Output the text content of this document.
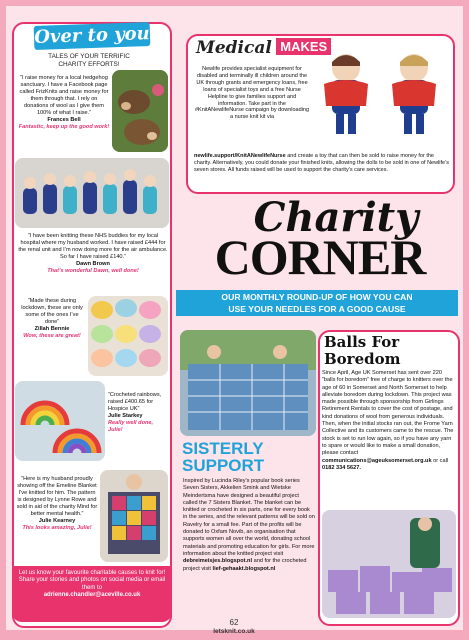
Over to you
TALES OF YOUR TERRIFIC CHARITY EFFORTS!
“I raise money for a local hedgehog sanctuary. I have a Facebook page called FrizKnits and raise money for them through that. I rely on donations of wool as I give them 100% of what I raise.”
Frances Bell
Fantastic, keep up the good work!
“I have been knitting these NHS buddies for my local hospital where my husband worked. I have raised £444 for the renal unit and I’m now doing more for the air ambulance. So far I have raised £140.”
Dawn Brown
That’s wonderful Dawn, well done!
“Made these during lockdown, these are only some of the ones I’ve done”
Zillah Bennie
Wow, these are great!
“Crocheted rainbows, raised £400.65 for Hospice UK”
Julie Starkey
Really well done, Julie!
“Here is my husband proudly showing off the Emeline Blanket I’ve knitted for him. The pattern is designed by Lynne Rowe and sold in aid of the charity Mind for better mental health.”
Julie Kearney
This looks amazing, Julie!
Let us know your favourite charitable causes to knit for! Share your stories and photos on social media or email them to
adrienne.chandler@aceville.co.uk
Medical MAKES
Newlife provides specialist equipment for disabled and terminally ill children around the UK through grants and emergency loans, free loans of specialist toys and a free Nurse Helpline to give families support and information. Take part in the #KnitANewlifeNurse campaign by downloading a nurse knit kit via
newlife.support/KnitANewlifeNurse and create a toy that can then be sold to raise money for the charity. Alternatively, you could donate your finished knits, allowing the dolls to be sold in one of Newlife’s seven stores. All funds raised will be used to support the charity’s care services.
Charity
CORNER
OUR MONTHLY ROUND-UP OF HOW YOU CAN
USE YOUR NEEDLES FOR A GOOD CAUSE
Balls For
Boredom
Since April, Age UK Somerset has sent over 220 “balls for boredom” free of charge to knitters over the age of 60 in Somerset and North Somerset to help alleviate boredom during lockdown. This project was made possible through sponsorship from Girlings Retirement Rentals to cover the cost of postage, and kind donations of wool from generous individuals. Then, when the initial stocks ran out, the Frome Yarn Collective and its customers came to the rescue. The stock is set to run low again, so if you have any yarn to spare or would like to make a small donation, please contact communications@ageuksomerset.org.uk or call 0182 334 5627.
SISTERLY
SUPPORT
Inspired by Lucinda Riley’s popular book series Seven Sisters, Akkelien Smink and Wietske Meindertsma have designed a beautiful project called the 7 Sisters Blanket. The blanket can be knitted or crocheted in six parts, one for every book in the series, and the relevant patterns will be sold on Ravelry for a small fee. Part of the profits will be donated to Oxfam Novib, an organisation that supports women all over the world, donating school materials and promoting education for girls. For more information about the knitted project visit debreimeisjes.blogspot.nl and for the crocheted project visit lief-gehaakt.blogspot.nl
62
letsknit.co.uk
